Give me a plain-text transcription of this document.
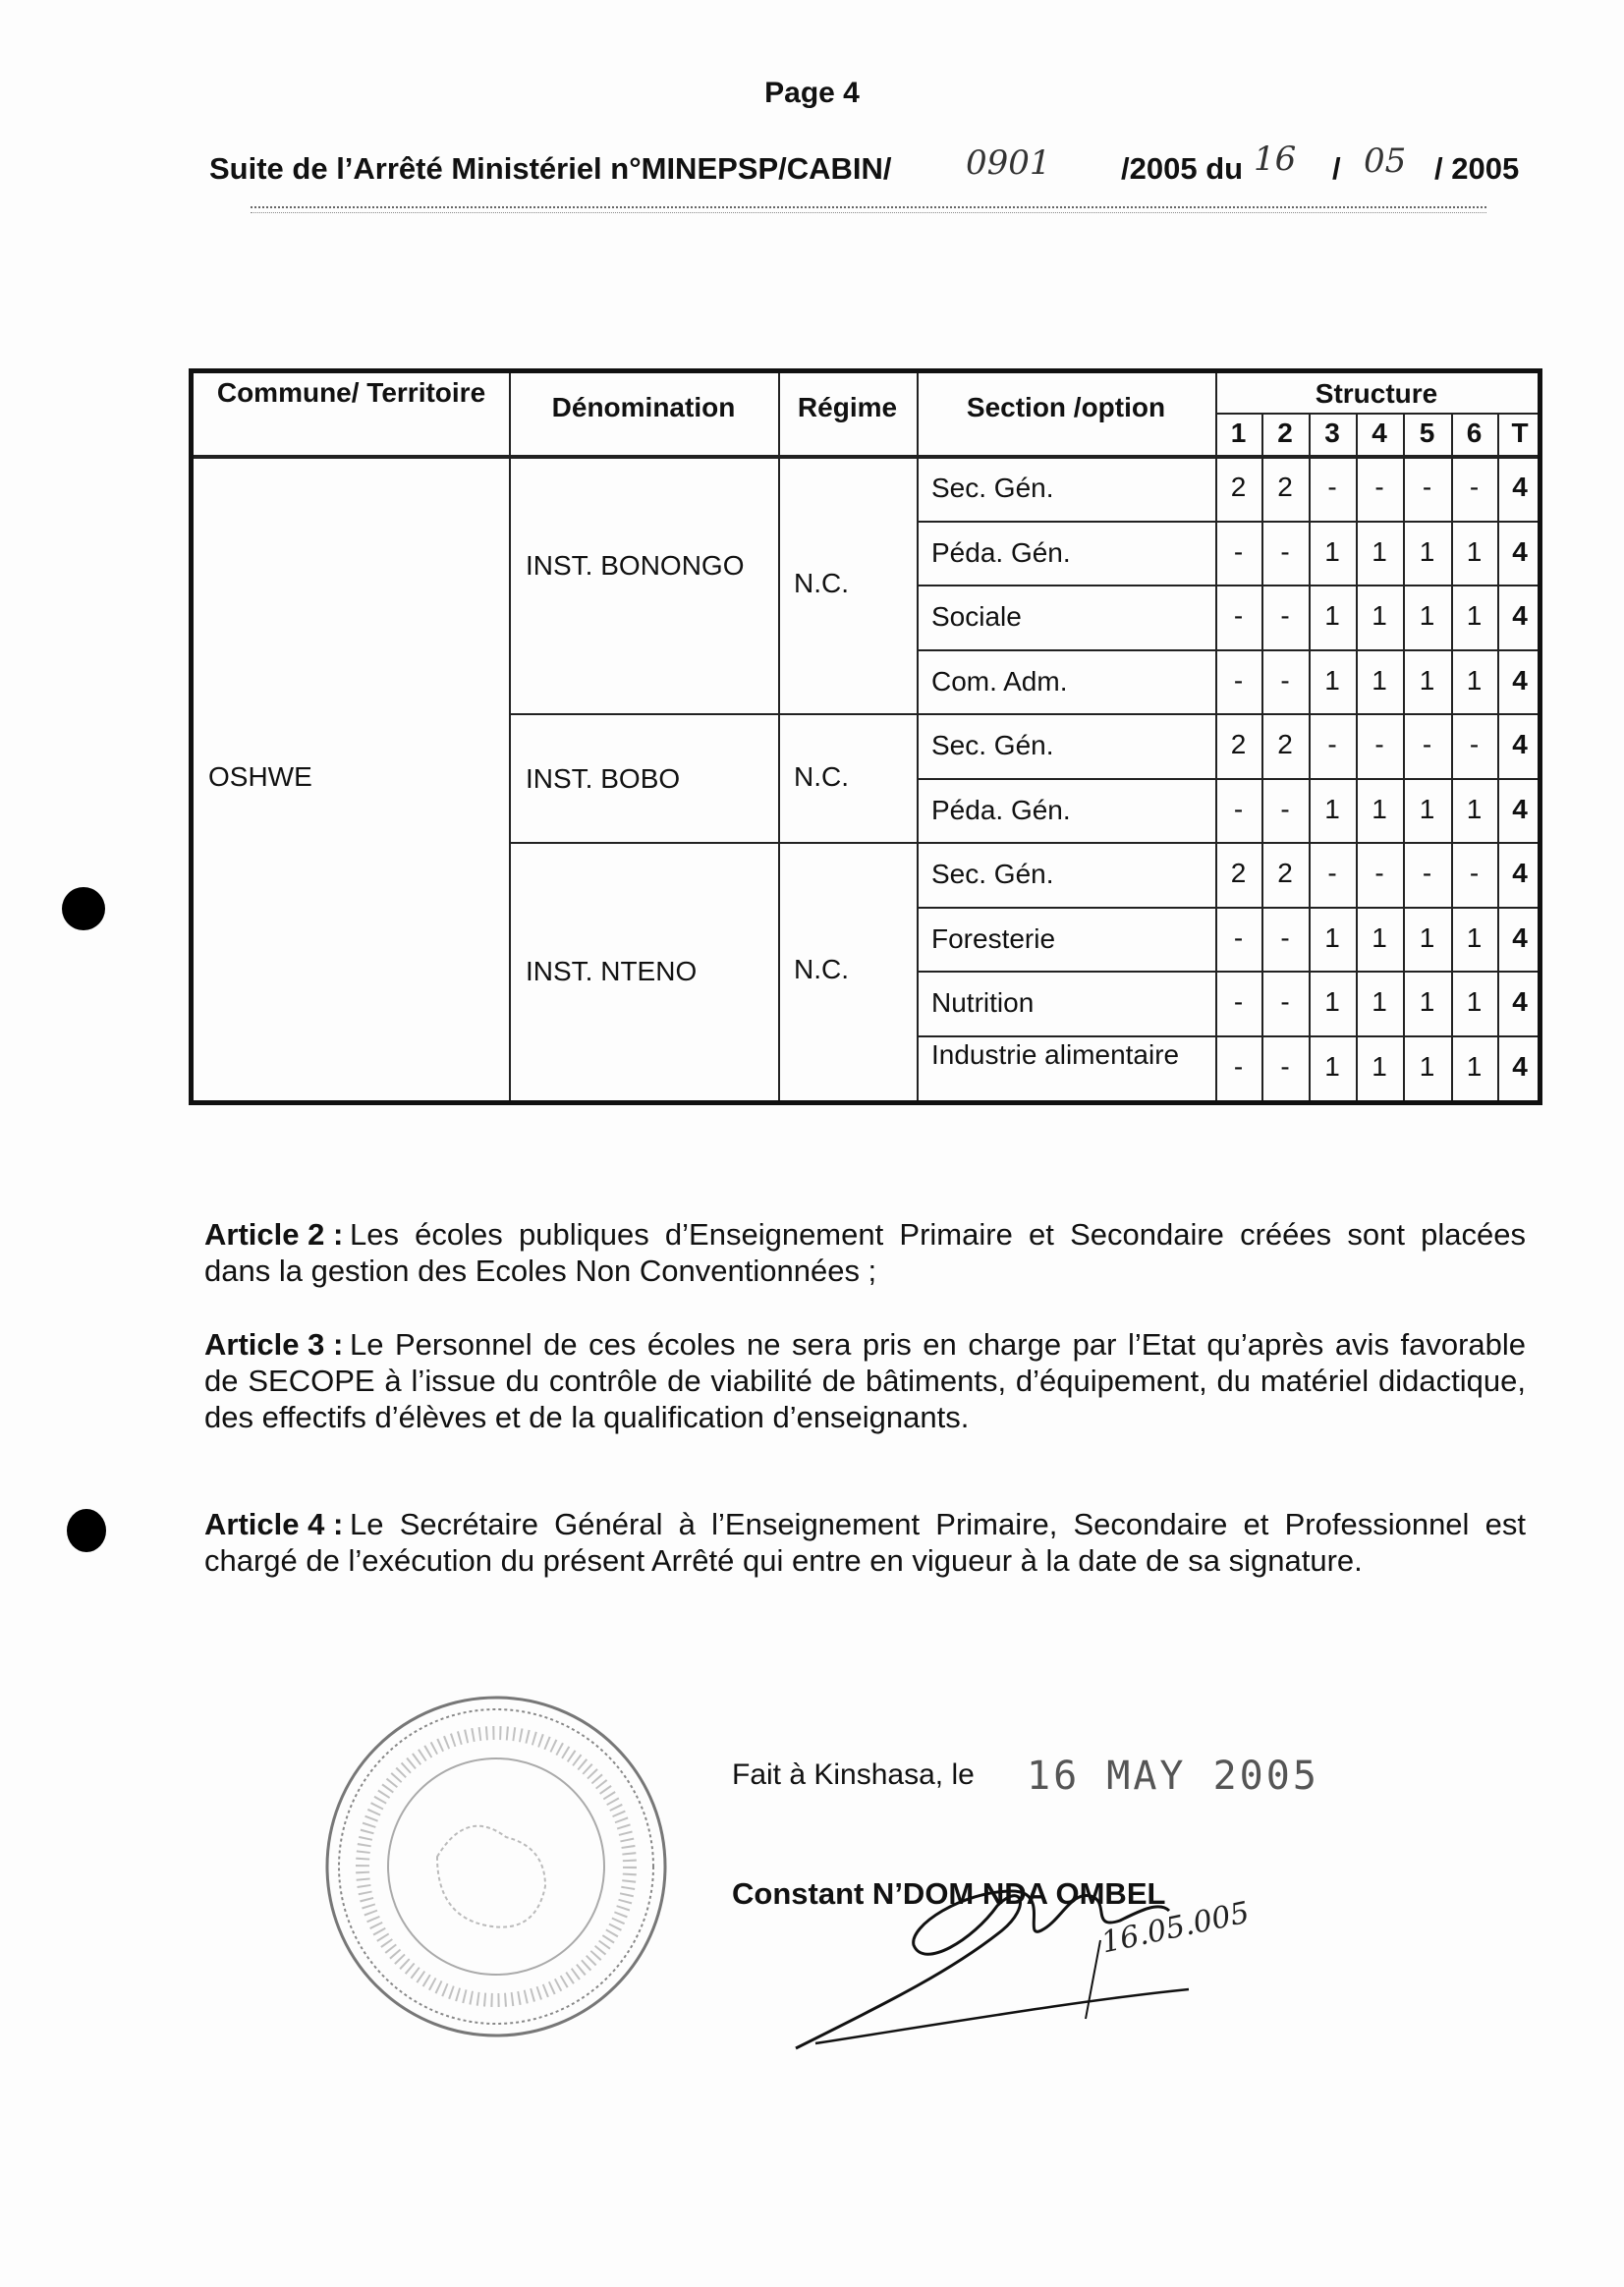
Page 4
Suite de l’Arrêté Ministériel n°MINEPSP/CABIN/ 0901 /2005 du 16 / 05 / 2005
Commune/ Territoire	Dénomination	Régime	Section /option	Structure
1	2	3	4	5	6	T
OSHWE
INST. BONONGO
N.C.
Sec. Gén.	2	2	-	-	-	-	4
Péda. Gén.	-	-	1	1	1	1	4
Sociale	-	-	1	1	1	1	4
Com. Adm.	-	-	1	1	1	1	4
INST. BOBO	N.C.
Sec. Gén.	2	2	-	-	-	-	4
Péda. Gén.	-	-	1	1	1	1	4
INST. NTENO	N.C.
Sec. Gén.	2	2	-	-	-	-	4
Foresterie	-	-	1	1	1	1	4
Nutrition	-	-	1	1	1	1	4
Industrie alimentaire	-	-	1	1	1	1	4
Article 2 : Les écoles publiques d’Enseignement Primaire et Secondaire créées sont placées dans la gestion des Ecoles Non Conventionnées ;
Article 3 : Le Personnel de ces écoles ne sera pris en charge par l’Etat qu’après avis favorable de SECOPE à l’issue du contrôle de viabilité de bâtiments, d’équipement, du matériel didactique, des effectifs d’élèves et de la qualification d’enseignants.
Article 4 : Le Secrétaire Général à l’Enseignement Primaire, Secondaire et Professionnel est chargé de l’exécution du présent Arrêté qui entre en vigueur à la date de sa signature.
Fait à Kinshasa, le 16 MAY 2005
Constant N’DOM NDA OMBEL
16.05.005
